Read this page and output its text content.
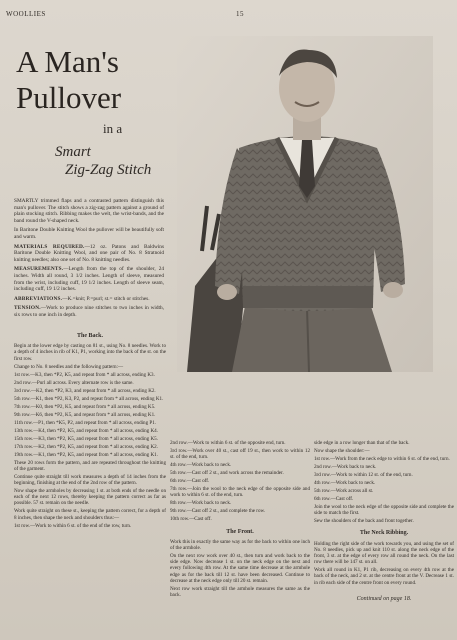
WOOLLIES	15
A Man's
Pullover
in a
Smart
Zig-Zag Stitch

SMARTLY trimmed flaps and a contrasted pattern distinguish this man's pullover. The stitch shows a zig-zag pattern against a ground of plain stocking stitch. Ribbing makes the welt, the wrist-bands, and the band round the V-shaped neck.

In Baritone Double Knitting Wool the pullover will be beautifully soft and warm.

MATERIALS REQUIRED.—12 oz. Patons and Baldwins Baritone Double Knitting Wool, and one pair of No. 8 Stratnoid knitting needles; also one set of No. 8 knitting needles.

MEASUREMENTS.—Length from the top of the shoulder, 24 inches. Width all round, 3 1/2 inches. Length of sleeve, measured from the wrist, including cuff, 19 1/2 inches. Length of sleeve seam, including cuff, 19 1/2 inches.

ABBREVIATIONS.—K.=knit; P.=purl; st.= stitch or stitches.

TENSION.—Work to produce nine stitches to two inches in width, six rows to one inch in depth.

The Back.

Begin at the lower edge by casting on 81 st., using No. 8 needles. Work to a depth of 4 inches in rib of K1, P1, working into the back of the st. on the first row.

Change to No. 8 needles and the following pattern:—

1st row.—K3, then *P2, K5, and repeat from * all across, ending K3.

2nd row.—Purl all across. Every alternate row is the same.

3rd row.—K2, then *P2, K3, and repeat from * all across, ending K2.

5th row.—K1, then *P2, K3, P2, and repeat from * all across, ending K1.

7th row.—K0, then *P2, K5, and repeat from * all across, ending K5.

9th row.—K6, then *P2, K5, and repeat from * all across, ending K1.

11th row.—P1, then *K5, P2, and repeat from * all across, ending P1.

13th row.—K4, then *P2, K5, and repeat from * all across, ending K4.

15th row.—K3, then *P2, K5, and repeat from * all across, ending K5.

17th row.—K2, then *P2, K5, and repeat from * all across, ending K2.

19th row.—K1, then *P2, K5, and repeat from * all across, ending K1.

These 20 rows form the pattern, and are repeated throughout the knitting of the garment.

Continue quite straight till work measures a depth of 14 inches from the beginning, finishing at the end of the 2nd row of the pattern.

Now shape the armholes by decreasing 1 st. at both ends of the needle on each of the next 12 rows, thereby keeping the pattern correct as far as possible. 57 st. remain on the needle.

Work quite straight on these st., keeping the pattern correct, for a depth of 8 inches, then shape the neck and shoulders thus:—

1st row.—Work to within 6 st. of the end of the row, turn.

2nd row.—Work to within 6 st. of the opposite end, turn.

3rd row.—Work over 40 st., cast off 19 st., then work to within 12 st. of the end, turn.

4th row.—Work back to neck.

5th row.—Cast off 2 st., and work across the remainder.

6th row.—Cast off.

7th row.—Join the wool to the neck edge of the opposite side and work to within 6 st. of the end, turn.

8th row.—Work back to neck.

9th row.—Cast off 2 st., and complete the row.

10th row.—Cast off.

The Front.

Work this in exactly the same way as for the back to within one inch of the armhole.

On the next row work over 40 st., then turn and work back to the side edge. Now decrease 1 st. on the neck edge on the next and every following 4th row. At the same time decrease at the armhole edge as for the back till 12 st. have been decreased. Continue to decrease at the neck edge only till 20 st. remain.

Next row work straight till the armhole measures the same as the back.

side edge in a row longer than that of the back.

Now shape the shoulder:—

1st row.—Work from the neck edge to within 6 st. of the end, turn.

2nd row.—Work back to neck.

3rd row.—Work to within 12 st. of the end, turn.

4th row.—Work back to neck.

5th row.—Work across all st.

6th row.—Cast off.

Join the wool to the neck edge of the opposite side and complete the side to match the first.

Sew the shoulders of the back and front together.

The Neck Ribbing.

Holding the right side of the work towards you, and using the set of No. 8 needles, pick up and knit 110 st. along the neck edge of the front, 3 st. at the edge of every row all round the neck. On the last row there will be 147 st. on all.

Work all round in K1, P1 rib, decreasing on every 4th row at the back of the neck, and 2 st. at the centre front at the V. Decrease 1 st. in rib each side of the centre front on every round.

Continued on page 18.
